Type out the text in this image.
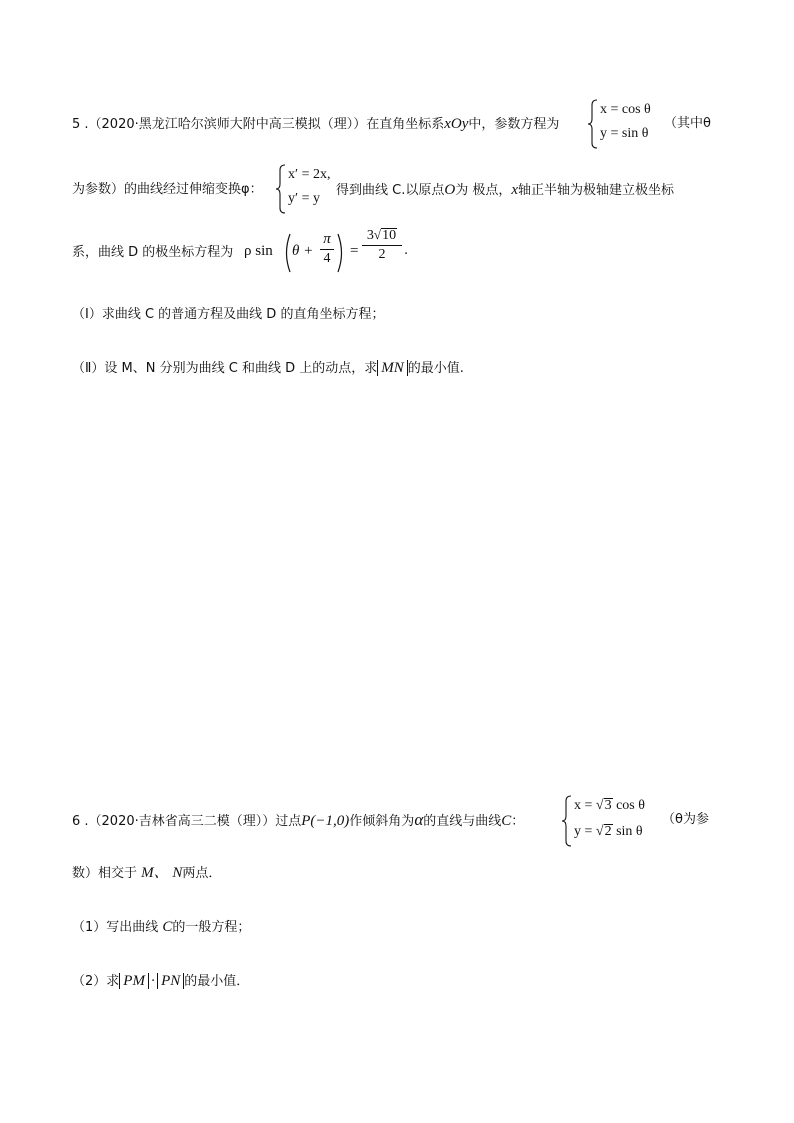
5 .（2020·黑龙江哈尔滨师大附中高三模拟（理））在直角坐标系xOy中，参数方程为
x = cos θ
y = sin θ
（其中θ
为参数）的曲线经过伸缩变换φ：
x′ = 2x,
y′ = y
得到曲线 C.以原点O为 极点，x轴正半轴为极轴建立极坐标
系，曲线 D 的极坐标方程为 ρ sin θ +
π
4 =
3√10
2	.
（Ⅰ）求曲线 C 的普通方程及曲线 D 的直角坐标方程；
（Ⅱ）设 M、N 分别为曲线 C 和曲线 D 上的动点，求 MN 的最小值.
6 .（2020·吉林省高三二模（理））过点P(−1,0)作倾斜角为α的直线与曲线C：
x = √3 cos θ
y = √2 sin θ
（θ为参
数）相交于 M、 N两点．
（1）写出曲线 C的一般方程；
（2）求 PM · PN 的最小值．
